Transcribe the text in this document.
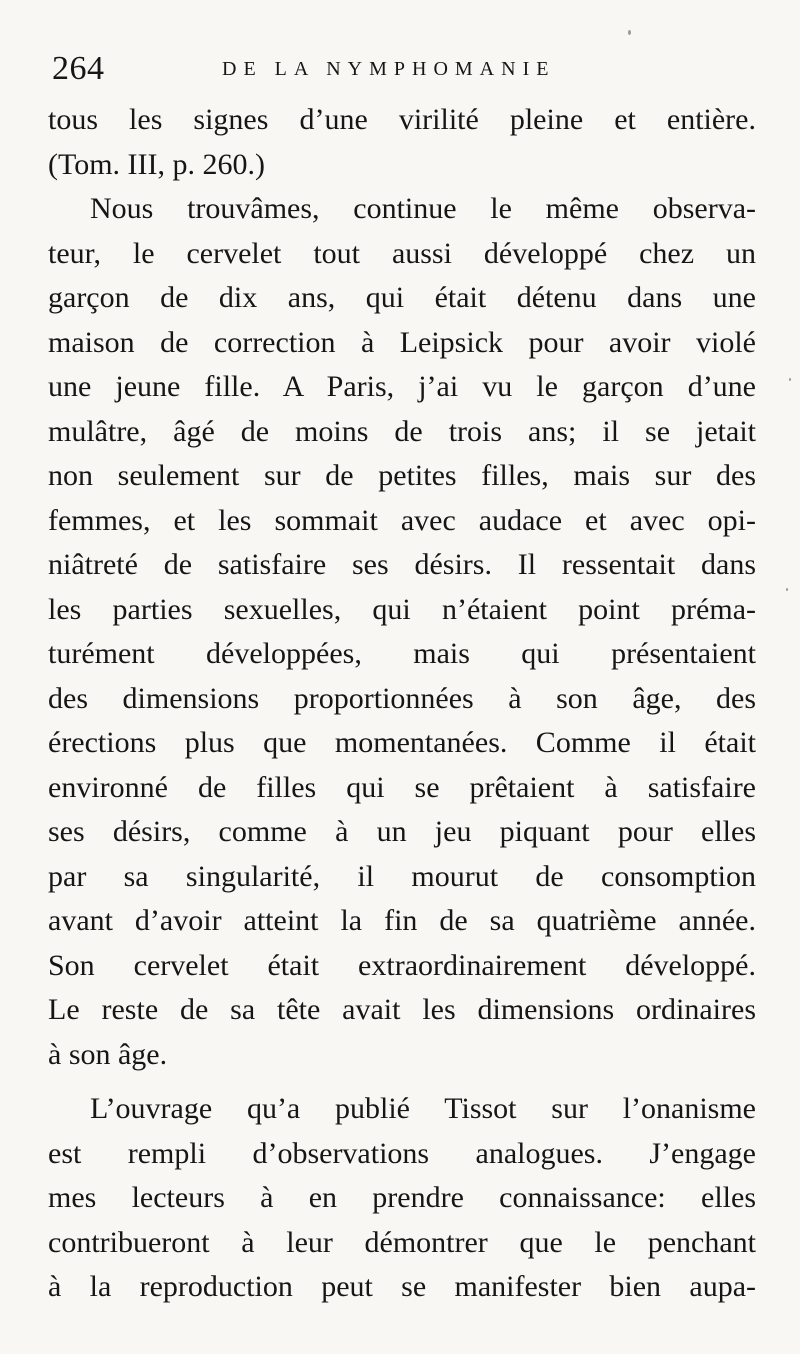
264	DE LA NYMPHOMANIE
tous les signes d’une virilité pleine et entière.
(Tom. III, p. 260.)
Nous trouvâmes, continue le même observa-
teur, le cervelet tout aussi développé chez un
garçon de dix ans, qui était détenu dans une
maison de correction à Leipsick pour avoir violé
une jeune fille. A Paris, j’ai vu le garçon d’une
mulâtre, âgé de moins de trois ans; il se jetait
non seulement sur de petites filles, mais sur des
femmes, et les sommait avec audace et avec opi-
niâtreté de satisfaire ses désirs. Il ressentait dans
les parties sexuelles, qui n’étaient point préma-
turément développées, mais qui présentaient
des dimensions proportionnées à son âge, des
érections plus que momentanées. Comme il était
environné de filles qui se prêtaient à satisfaire
ses désirs, comme à un jeu piquant pour elles
par sa singularité, il mourut de consomption
avant d’avoir atteint la fin de sa quatrième année.
Son cervelet était extraordinairement développé.
Le reste de sa tête avait les dimensions ordinaires
à son âge.
L’ouvrage qu’a publié Tissot sur l’onanisme
est rempli d’observations analogues. J’engage
mes lecteurs à en prendre connaissance: elles
contribueront à leur démontrer que le penchant
à la reproduction peut se manifester bien aupa-
